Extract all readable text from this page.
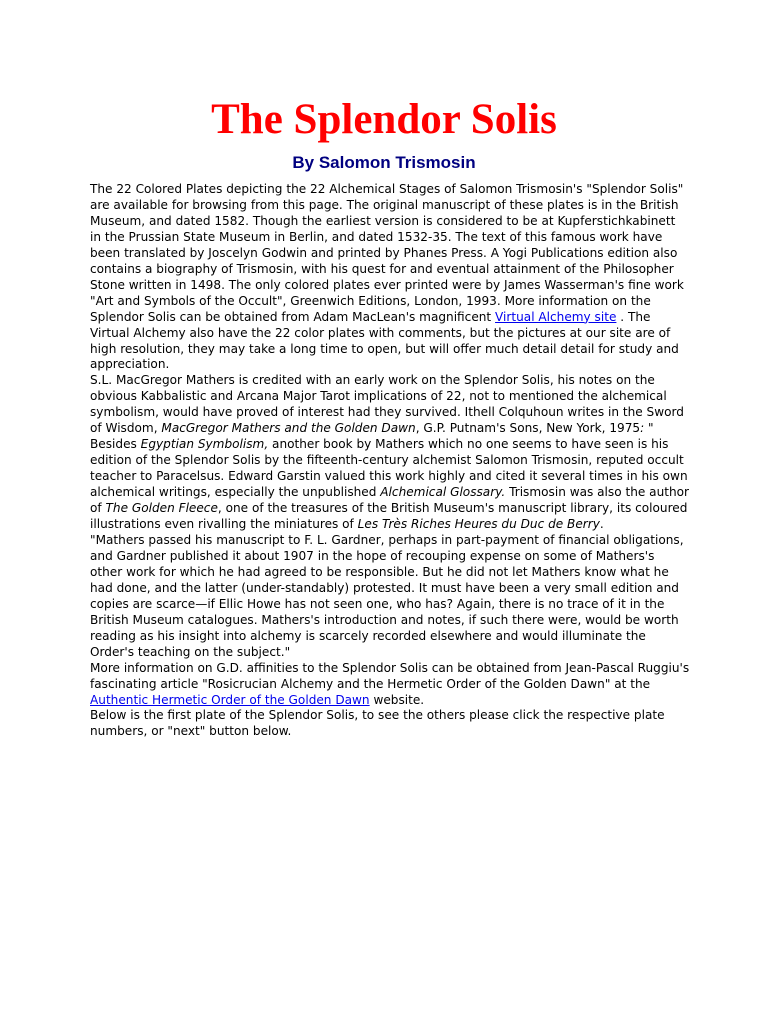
The Splendor Solis
By Salomon Trismosin

The 22 Colored Plates depicting the 22 Alchemical Stages of Salomon Trismosin's "Splendor Solis" are available for browsing from this page. The original manuscript of these plates is in the British Museum, and dated 1582. Though the earliest version is considered to be at Kupferstichkabinett in the Prussian State Museum in Berlin, and dated 1532-35. The text of this famous work have been translated by Joscelyn Godwin and printed by Phanes Press. A Yogi Publications edition also contains a biography of Trismosin, with his quest for and eventual attainment of the Philosopher Stone written in 1498. The only colored plates ever printed were by James Wasserman's fine work "Art and Symbols of the Occult", Greenwich Editions, London, 1993. More information on the Splendor Solis can be obtained from Adam MacLean's magnificent Virtual Alchemy site . The Virtual Alchemy also have the 22 color plates with comments, but the pictures at our site are of high resolution, they may take a long time to open, but will offer much detail detail for study and appreciation.

S.L. MacGregor Mathers is credited with an early work on the Splendor Solis, his notes on the obvious Kabbalistic and Arcana Major Tarot implications of 22, not to mentioned the alchemical symbolism, would have proved of interest had they survived. Ithell Colquhoun writes in the Sword of Wisdom, MacGregor Mathers and the Golden Dawn, G.P. Putnam's Sons, New York, 1975: " Besides Egyptian Symbolism, another book by Mathers which no one seems to have seen is his edition of the Splendor Solis by the fifteenth-century alchemist Salomon Trismosin, reputed occult teacher to Paracelsus. Edward Garstin valued this work highly and cited it several times in his own alchemical writings, especially the unpublished Alchemical Glossary. Trismosin was also the author of The Golden Fleece, one of the treasures of the British Museum's manuscript library, its coloured illustrations even rivalling the miniatures of Les Très Riches Heures du Duc de Berry.

"Mathers passed his manuscript to F. L. Gardner, perhaps in part-payment of financial obligations, and Gardner published it about 1907 in the hope of recouping expense on some of Mathers's other work for which he had agreed to be responsible. But he did not let Mathers know what he had done, and the latter (under-standably) protested. It must have been a very small edition and copies are scarce—if Ellic Howe has not seen one, who has? Again, there is no trace of it in the British Museum catalogues. Mathers's introduction and notes, if such there were, would be worth reading as his insight into alchemy is scarcely recorded elsewhere and would illuminate the Order's teaching on the subject."

More information on G.D. affinities to the Splendor Solis can be obtained from Jean-Pascal Ruggiu's fascinating article "Rosicrucian Alchemy and the Hermetic Order of the Golden Dawn" at the Authentic Hermetic Order of the Golden Dawn website.

Below is the first plate of the Splendor Solis, to see the others please click the respective plate numbers, or "next" button below.
